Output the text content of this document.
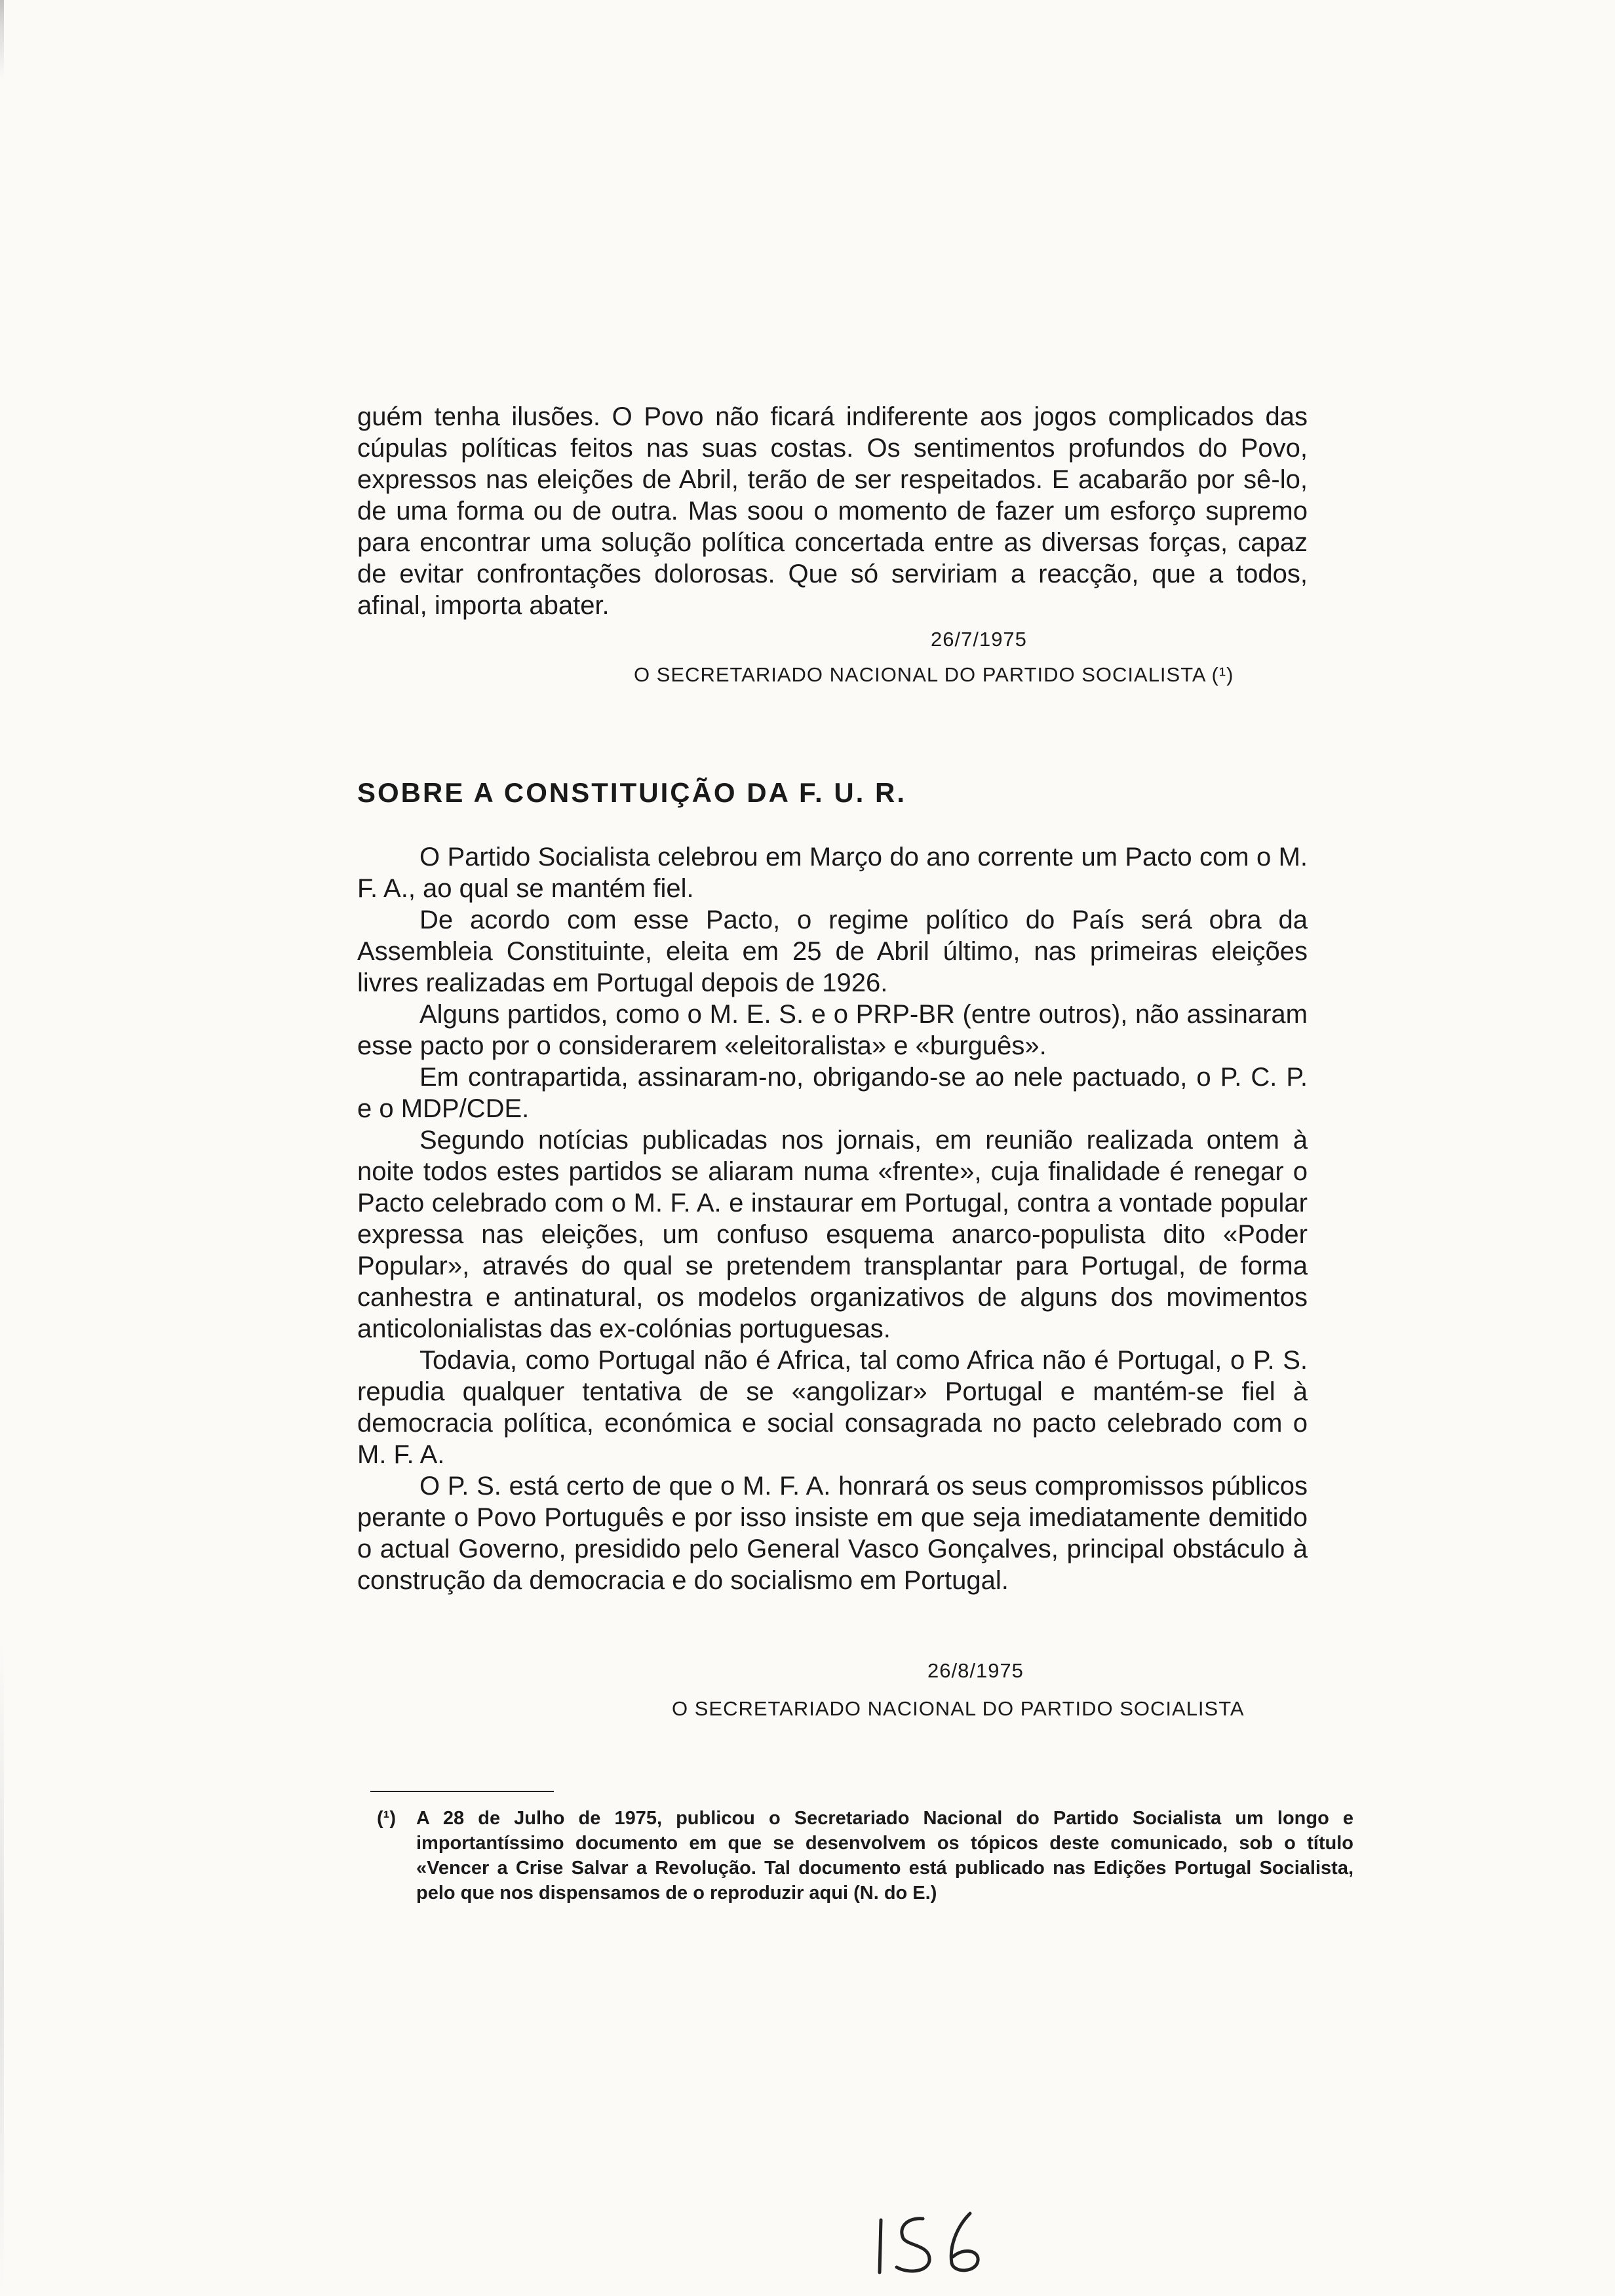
guém tenha ilusões. O Povo não ficará indiferente aos jogos complicados das cúpulas políticas feitos nas suas costas. Os sentimentos profundos do Povo, expressos nas eleições de Abril, terão de ser respeitados. E acabarão por sê-lo, de uma forma ou de outra. Mas soou o momento de fazer um esforço supremo para encontrar uma solução política concertada entre as diversas forças, capaz de evitar confrontações dolorosas. Que só serviriam a reacção, que a todos, afinal, importa abater.

26/7/1975
O SECRETARIADO NACIONAL DO PARTIDO SOCIALISTA (¹)
SOBRE A CONSTITUIÇÃO DA F. U. R.

O Partido Socialista celebrou em Março do ano corrente um Pacto com o M. F. A., ao qual se mantém fiel.

De acordo com esse Pacto, o regime político do País será obra da Assembleia Constituinte, eleita em 25 de Abril último, nas primeiras eleições livres realizadas em Portugal depois de 1926.

Alguns partidos, como o M. E. S. e o PRP-BR (entre outros), não assinaram esse pacto por o considerarem «eleitoralista» e «burguês».

Em contrapartida, assinaram-no, obrigando-se ao nele pactuado, o P. C. P. e o MDP/CDE.

Segundo notícias publicadas nos jornais, em reunião realizada ontem à noite todos estes partidos se aliaram numa «frente», cuja finalidade é renegar o Pacto celebrado com o M. F. A. e instaurar em Portugal, contra a vontade popular expressa nas eleições, um confuso esquema anarco-populista dito «Poder Popular», através do qual se pretendem transplantar para Portugal, de forma canhestra e antinatural, os modelos organizativos de alguns dos movimentos anticolonialistas das ex-colónias portuguesas.

Todavia, como Portugal não é Africa, tal como Africa não é Portugal, o P. S. repudia qualquer tentativa de se «angolizar» Portugal e mantém-se fiel à democracia política, económica e social consagrada no pacto celebrado com o M. F. A.

O P. S. está certo de que o M. F. A. honrará os seus compromissos públicos perante o Povo Português e por isso insiste em que seja imediatamente demitido o actual Governo, presidido pelo General Vasco Gonçalves, principal obstáculo à construção da democracia e do socialismo em Portugal.

26/8/1975
O SECRETARIADO NACIONAL DO PARTIDO SOCIALISTA
(¹) A 28 de Julho de 1975, publicou o Secretariado Nacional do Partido Socialista um longo e importantíssimo documento em que se desenvolvem os tópicos deste comunicado, sob o título «Vencer a Crise Salvar a Revolução. Tal documento está publicado nas Edições Portugal Socialista, pelo que nos dispensamos de o reproduzir aqui (N. do E.)
